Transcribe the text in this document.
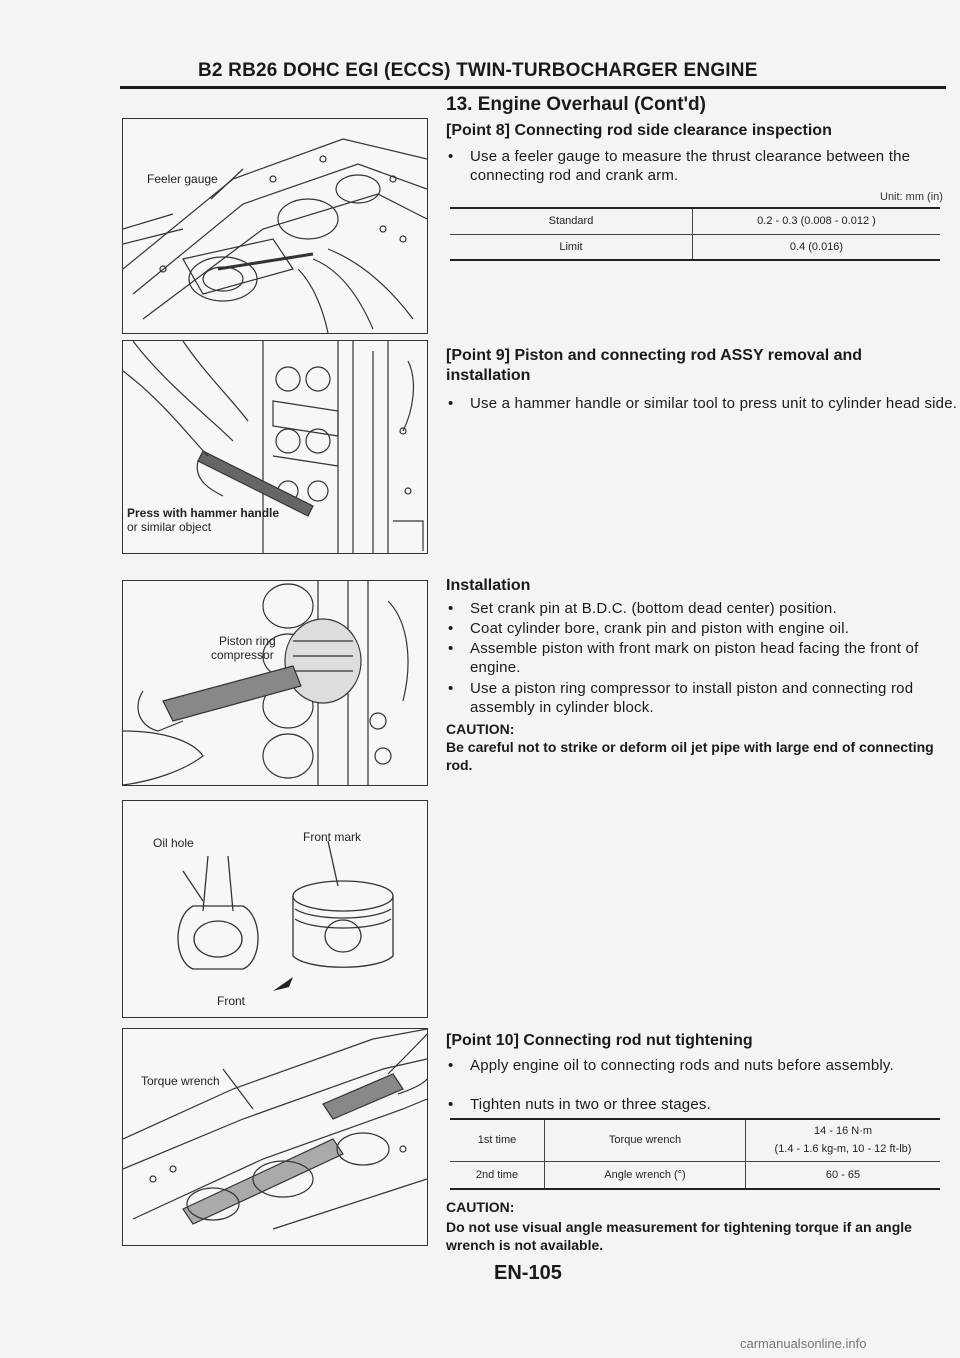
B2 RB26 DOHC EGI (ECCS) TWIN-TURBOCHARGER ENGINE
Feeler gauge
Press with hammer handle
or similar object
Piston ring
compressor
Oil hole	Front mark
Front
Torque wrench
13. Engine Overhaul (Cont'd)
[Point 8] Connecting rod side clearance inspection
• Use a feeler gauge to measure the thrust clearance between the connecting rod and crank arm.
Unit: mm (in)
Standard	0.2 - 0.3 (0.008 - 0.012 )
Limit	0.4 (0.016)
[Point 9] Piston and connecting rod ASSY removal and installation
• Use a hammer handle or similar tool to press unit to cylinder head side.
Installation
• Set crank pin at B.D.C. (bottom dead center) position.
• Coat cylinder bore, crank pin and piston with engine oil.
• Assemble piston with front mark on piston head facing the front of engine.
• Use a piston ring compressor to install piston and connecting rod assembly in cylinder block.
CAUTION:
Be careful not to strike or deform oil jet pipe with large end of connecting rod.
[Point 10] Connecting rod nut tightening
• Apply engine oil to connecting rods and nuts before assembly.
• Tighten nuts in two or three stages.
1st time	Torque wrench	14 - 16 N·m
(1.4 - 1.6 kg-m, 10 - 12 ft-lb)

2nd time	Angle wrench (°)	60 - 65
CAUTION:
Do not use visual angle measurement for tightening torque if an angle wrench is not available.
EN-105
carmanualsonline.info
